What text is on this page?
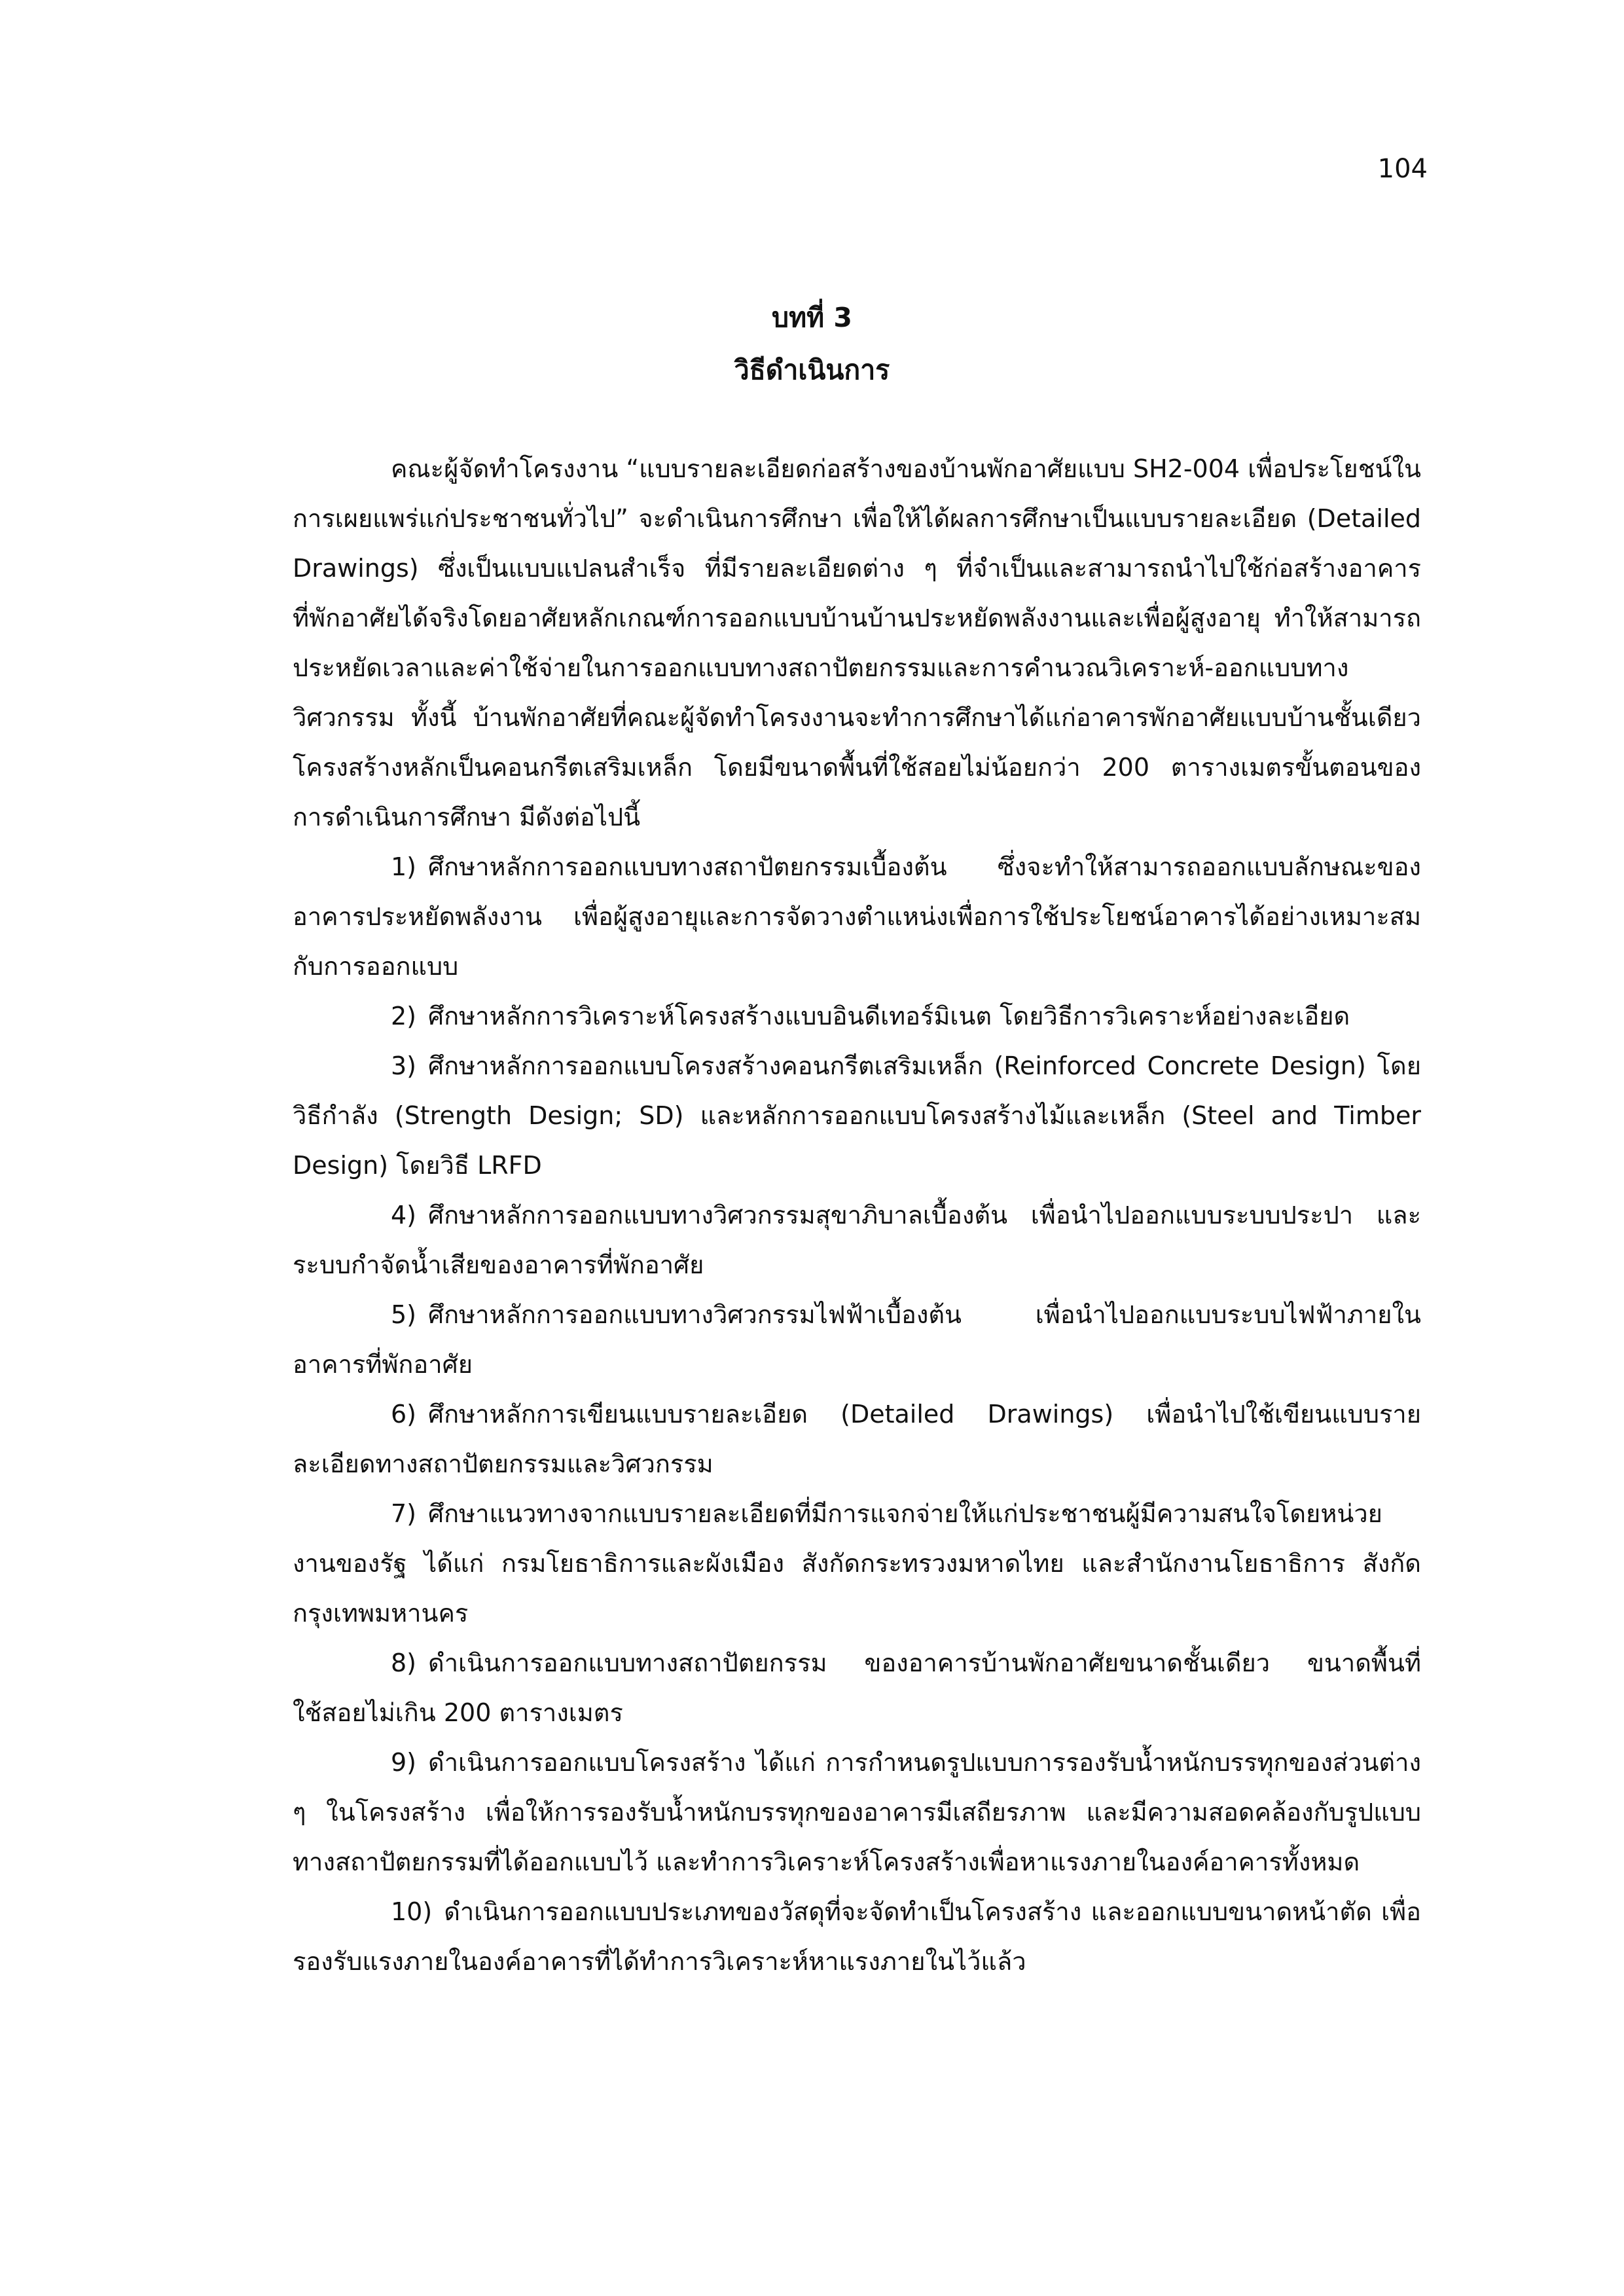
104

บทที่ 3

วิธีดำเนินการ

คณะผู้จัดทำโครงงาน “แบบรายละเอียดก่อสร้างของบ้านพักอาศัยแบบ SH2-004 เพื่อประโยชน์ในการเผยแพร่แก่ประชาชนทั่วไป” จะดำเนินการศึกษา เพื่อให้ได้ผลการศึกษาเป็นแบบรายละเอียด (Detailed Drawings) ซึ่งเป็นแบบแปลนสำเร็จ ที่มีรายละเอียดต่าง ๆ ที่จำเป็นและสามารถนำไปใช้ก่อสร้างอาคารที่พักอาศัยได้จริงโดยอาศัยหลักเกณฑ์การออกแบบบ้านบ้านประหยัดพลังงานและเพื่อผู้สูงอายุ ทำให้สามารถประหยัดเวลาและค่าใช้จ่ายในการออกแบบทางสถาปัตยกรรมและการคำนวณวิเคราะห์-ออกแบบทางวิศวกรรม ทั้งนี้ บ้านพักอาศัยที่คณะผู้จัดทำโครงงานจะทำการศึกษาได้แก่อาคารพักอาศัยแบบบ้านชั้นเดียว โครงสร้างหลักเป็นคอนกรีตเสริมเหล็ก โดยมีขนาดพื้นที่ใช้สอยไม่น้อยกว่า 200 ตารางเมตรขั้นตอนของการดำเนินการศึกษา มีดังต่อไปนี้

1) ศึกษาหลักการออกแบบทางสถาปัตยกรรมเบื้องต้น ซึ่งจะทำให้สามารถออกแบบลักษณะของอาคารประหยัดพลังงาน เพื่อผู้สูงอายุและการจัดวางตำแหน่งเพื่อการใช้ประโยชน์อาคารได้อย่างเหมาะสมกับการออกแบบ

2) ศึกษาหลักการวิเคราะห์โครงสร้างแบบอินดีเทอร์มิเนต โดยวิธีการวิเคราะห์อย่างละเอียด

3) ศึกษาหลักการออกแบบโครงสร้างคอนกรีตเสริมเหล็ก (Reinforced Concrete Design) โดยวิธีกำลัง (Strength Design; SD) และหลักการออกแบบโครงสร้างไม้และเหล็ก (Steel and Timber Design) โดยวิธี LRFD

4) ศึกษาหลักการออกแบบทางวิศวกรรมสุขาภิบาลเบื้องต้น เพื่อนำไปออกแบบระบบประปา และระบบกำจัดน้ำเสียของอาคารที่พักอาศัย

5) ศึกษาหลักการออกแบบทางวิศวกรรมไฟฟ้าเบื้องต้น เพื่อนำไปออกแบบระบบไฟฟ้าภายในอาคารที่พักอาศัย

6) ศึกษาหลักการเขียนแบบรายละเอียด (Detailed Drawings) เพื่อนำไปใช้เขียนแบบรายละเอียดทางสถาปัตยกรรมและวิศวกรรม

7) ศึกษาแนวทางจากแบบรายละเอียดที่มีการแจกจ่ายให้แก่ประชาชนผู้มีความสนใจโดยหน่วยงานของรัฐ ได้แก่ กรมโยธาธิการและผังเมือง สังกัดกระทรวงมหาดไทย และสำนักงานโยธาธิการ สังกัดกรุงเทพมหานคร

8) ดำเนินการออกแบบทางสถาปัตยกรรม ของอาคารบ้านพักอาศัยขนาดชั้นเดียว ขนาดพื้นที่ใช้สอยไม่เกิน 200 ตารางเมตร

9) ดำเนินการออกแบบโครงสร้าง ได้แก่ การกำหนดรูปแบบการรองรับน้ำหนักบรรทุกของส่วนต่าง ๆ ในโครงสร้าง เพื่อให้การรองรับน้ำหนักบรรทุกของอาคารมีเสถียรภาพ และมีความสอดคล้องกับรูปแบบทางสถาปัตยกรรมที่ได้ออกแบบไว้ และทำการวิเคราะห์โครงสร้างเพื่อหาแรงภายในองค์อาคารทั้งหมด

10) ดำเนินการออกแบบประเภทของวัสดุที่จะจัดทำเป็นโครงสร้าง และออกแบบขนาดหน้าตัด เพื่อรองรับแรงภายในองค์อาคารที่ได้ทำการวิเคราะห์หาแรงภายในไว้แล้ว
